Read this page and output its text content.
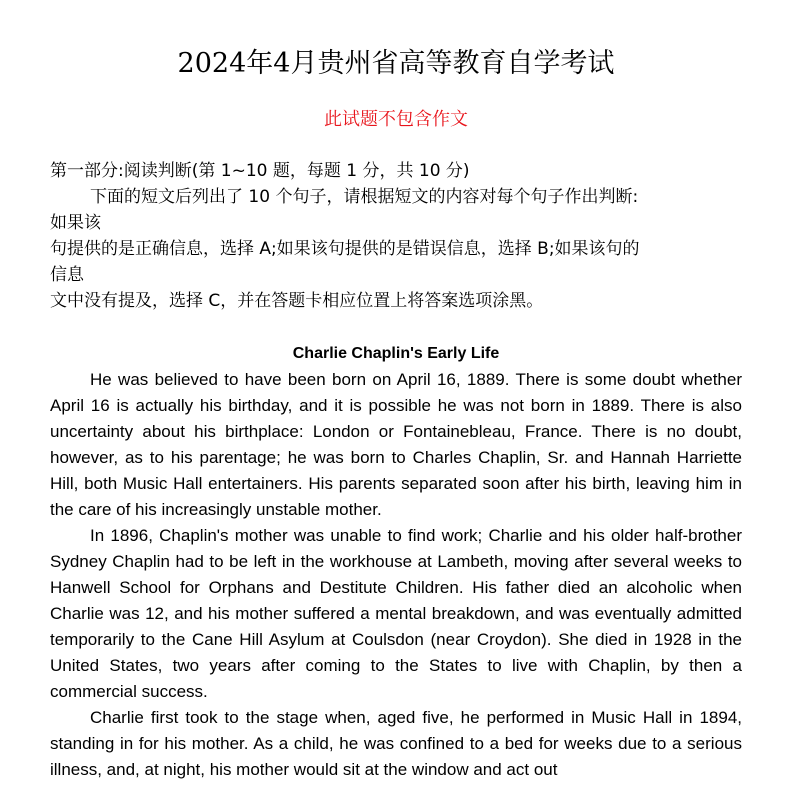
2024年4月贵州省高等教育自学考试
此试题不包含作文
第一部分:阅读判断(第 1~10 题，每题 1 分，共 10 分)
下面的短文后列出了 10 个句子，请根据短文的内容对每个句子作出判断:
如果该
句提供的是正确信息，选择 A;如果该句提供的是错误信息，选择 B;如果该句的
信息
文中没有提及，选择 C，并在答题卡相应位置上将答案选项涂黑。
Charlie Chaplin's Early Life

He was believed to have been born on April 16, 1889. There is some doubt whether April 16 is actually his birthday, and it is possible he was not born in 1889. There is also uncertainty about his birthplace: London or Fontainebleau, France. There is no doubt, however, as to his parentage; he was born to Charles Chaplin, Sr. and Hannah Harriette Hill, both Music Hall entertainers. His parents separated soon after his birth, leaving him in the care of his increasingly unstable mother.

In 1896, Chaplin's mother was unable to find work; Charlie and his older half-brother Sydney Chaplin had to be left in the workhouse at Lambeth, moving after several weeks to Hanwell School for Orphans and Destitute Children. His father died an alcoholic when Charlie was 12, and his mother suffered a mental breakdown, and was eventually admitted temporarily to the Cane Hill Asylum at Coulsdon (near Croydon). She died in 1928 in the United States, two years after coming to the States to live with Chaplin, by then a commercial success.

Charlie first took to the stage when, aged five, he performed in Music Hall in 1894, standing in for his mother. As a child, he was confined to a bed for weeks due to a serious illness, and, at night, his mother would sit at the window and act out
